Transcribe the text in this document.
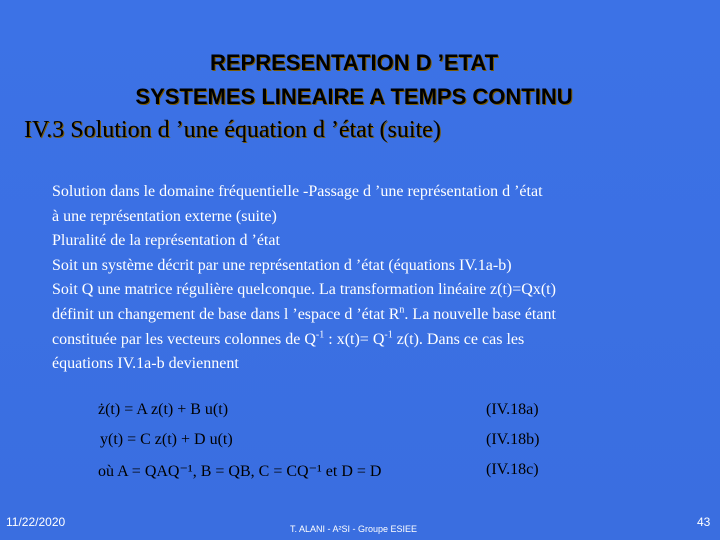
REPRESENTATION D ’ETAT
SYSTEMES LINEAIRE A TEMPS CONTINU
IV.3 Solution d ’une équation d ’état (suite)

Solution dans le domaine fréquentielle -Passage d ’une représentation d ’état

à une représentation externe (suite)

Pluralité de la représentation d ’état

Soit un système décrit par une représentation d ’état (équations IV.1a-b)

Soit Q une matrice régulière quelconque. La transformation linéaire z(t)=Qx(t)

définit un changement de base dans l ’espace d ’état $R^n$. La nouvelle base étant

constituée par les vecteurs colonnes de $Q^{-1}$ : $x(t)= Q^{-1}$ z(t). Dans ce cas les

équations IV.1a-b deviennent

ż(t) = A z(t) + B u(t)
y(t) = C z(t) + D u(t)
où A = QAQ⁻¹, B = QB, C = CQ⁻¹ et D = D
(IV.18a)
(IV.18b)
(IV.18c)
11/22/2020	T. ALANI - A²SI - Groupe ESIEE	43
